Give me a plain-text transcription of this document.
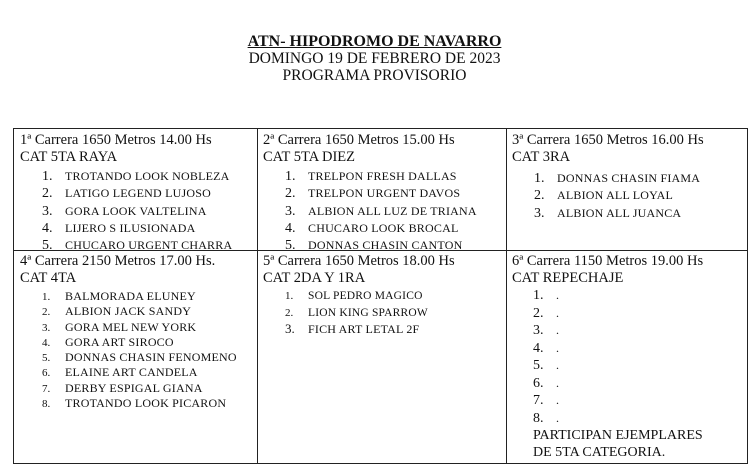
ATN- HIPODROMO DE NAVARRO
DOMINGO 19 DE FEBRERO DE 2023
PROGRAMA PROVISORIO
1ª Carrera 1650 Metros 14.00 Hs
CAT 5TA RAYA
1. TROTANDO LOOK NOBLEZA
2. LATIGO LEGEND LUJOSO
3. GORA LOOK VALTELINA
4. LIJERO S ILUSIONADA
5. CHUCARO URGENT CHARRA
2ª Carrera 1650 Metros 15.00 Hs
CAT 5TA DIEZ
1. TRELPON FRESH DALLAS
2. TRELPON URGENT DAVOS
3. ALBION ALL LUZ DE TRIANA
4. CHUCARO LOOK BROCAL
5. DONNAS CHASIN CANTON
3ª Carrera 1650 Metros 16.00 Hs
CAT 3RA
1. DONNAS CHASIN FIAMA
2. ALBION ALL LOYAL
3. ALBION ALL JUANCA
4ª Carrera 2150 Metros 17.00 Hs.
CAT 4TA
1. BALMORADA ELUNEY
2. ALBION JACK SANDY
3. GORA MEL NEW YORK
4. GORA ART SIROCO
5. DONNAS CHASIN FENOMENO
6. ELAINE ART CANDELA
7. DERBY ESPIGAL GIANA
8. TROTANDO LOOK PICARON
5ª Carrera 1650 Metros 18.00 Hs
CAT 2DA Y 1RA
1. SOL PEDRO MAGICO
2. LION KING SPARROW
3. FICH ART LETAL 2F
6ª Carrera 1150 Metros 19.00 Hs
CAT REPECHAJE
1. .
2. .
3. .
4. .
5. .
6. .
7. .
8. .
PARTICIPAN EJEMPLARES
DE 5TA CATEGORIA.
